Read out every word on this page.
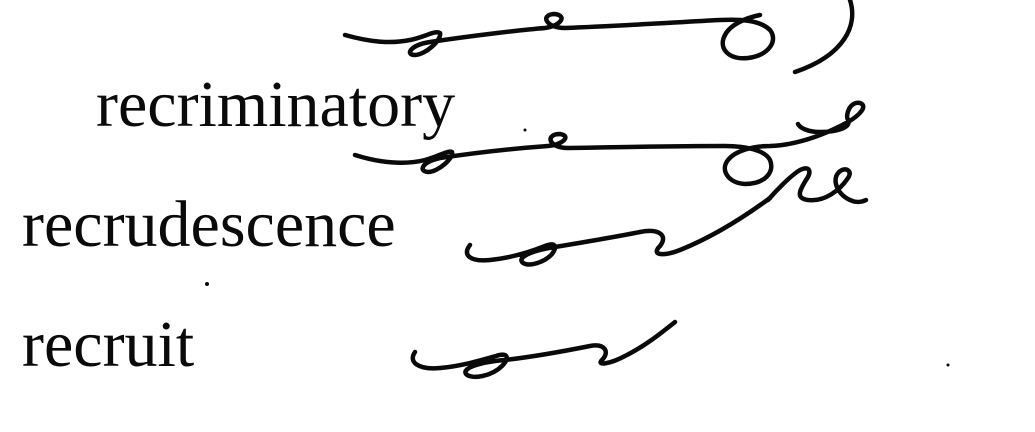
recriminatory
recrudescence
recruit
